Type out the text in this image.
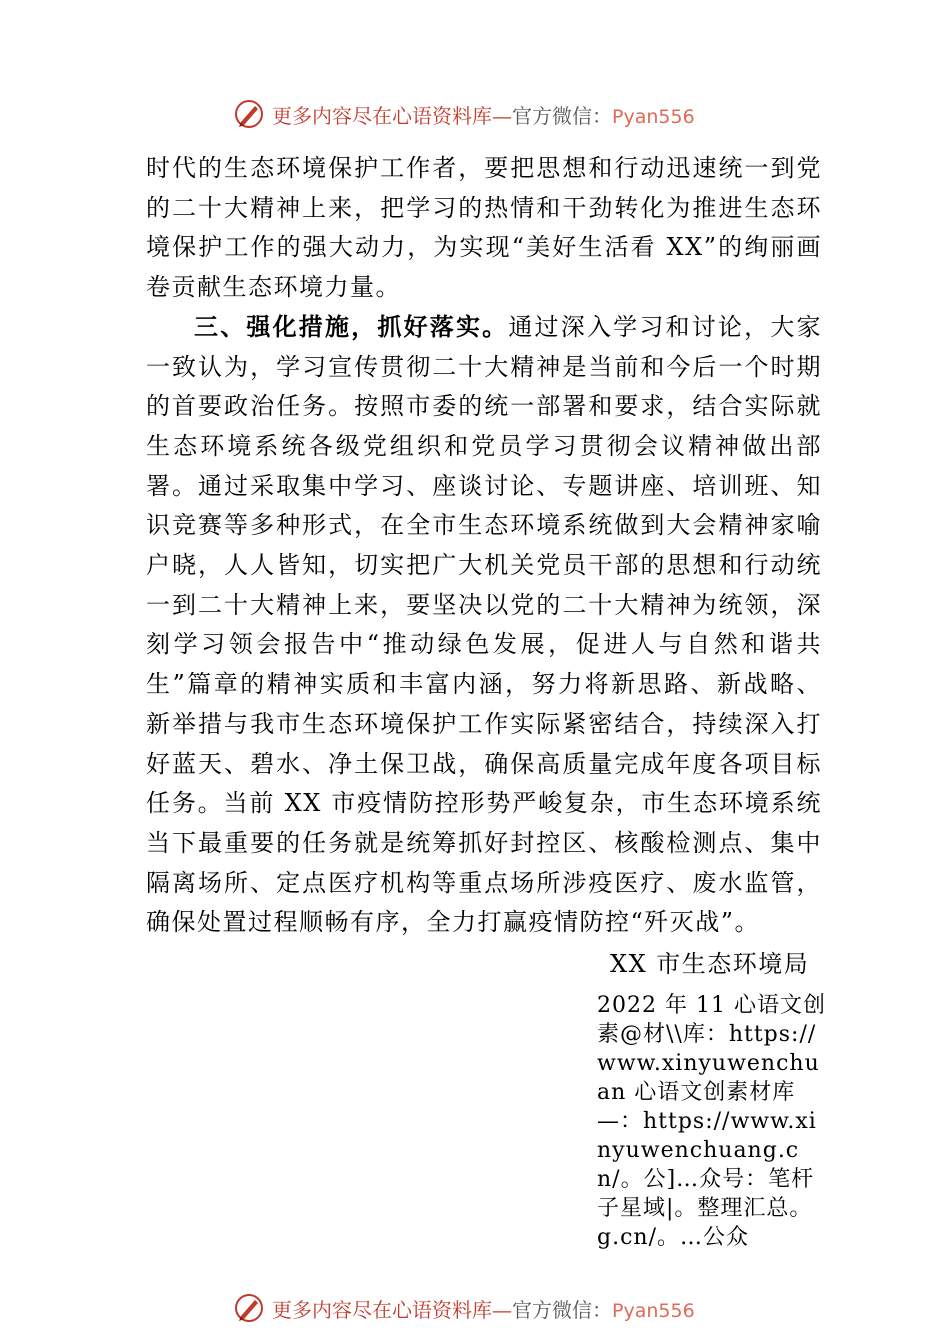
更多内容尽在心语资料库—官方微信：Pyan556

时代的生态环境保护工作者，要把思想和行动迅速统一到党的二十大精神上来，把学习的热情和干劲转化为推进生态环境保护工作的强大动力，为实现“美好生活看 XX”的绚丽画卷贡献生态环境力量。

三、强化措施，抓好落实。通过深入学习和讨论，大家一致认为，学习宣传贯彻二十大精神是当前和今后一个时期的首要政治任务。按照市委的统一部署和要求，结合实际就生态环境系统各级党组织和党员学习贯彻会议精神做出部署。通过采取集中学习、座谈讨论、专题讲座、培训班、知识竞赛等多种形式，在全市生态环境系统做到大会精神家喻户晓，人人皆知，切实把广大机关党员干部的思想和行动统一到二十大精神上来，要坚决以党的二十大精神为统领，深刻学习领会报告中“推动绿色发展，促进人与自然和谐共生”篇章的精神实质和丰富内涵，努力将新思路、新战略、新举措与我市生态环境保护工作实际紧密结合，持续深入打好蓝天、碧水、净土保卫战，确保高质量完成年度各项目标任务。当前 XX 市疫情防控形势严峻复杂，市生态环境系统当下最重要的任务就是统筹抓好封控区、核酸检测点、集中隔离场所、定点医疗机构等重点场所涉疫医疗、废水监管，确保处置过程顺畅有序，全力打赢疫情防控“歼灭战”。

XX 市生态环境局
2022 年 11 心语文创素@材\\库：https://www.xinyuwenchuan 心语文创素材库—：https://www.xinyuwenchuang.cn/。公]…众号：笔杆子星域|。整理汇总。g.cn/。…公众
更多内容尽在心语资料库—官方微信：Pyan556
